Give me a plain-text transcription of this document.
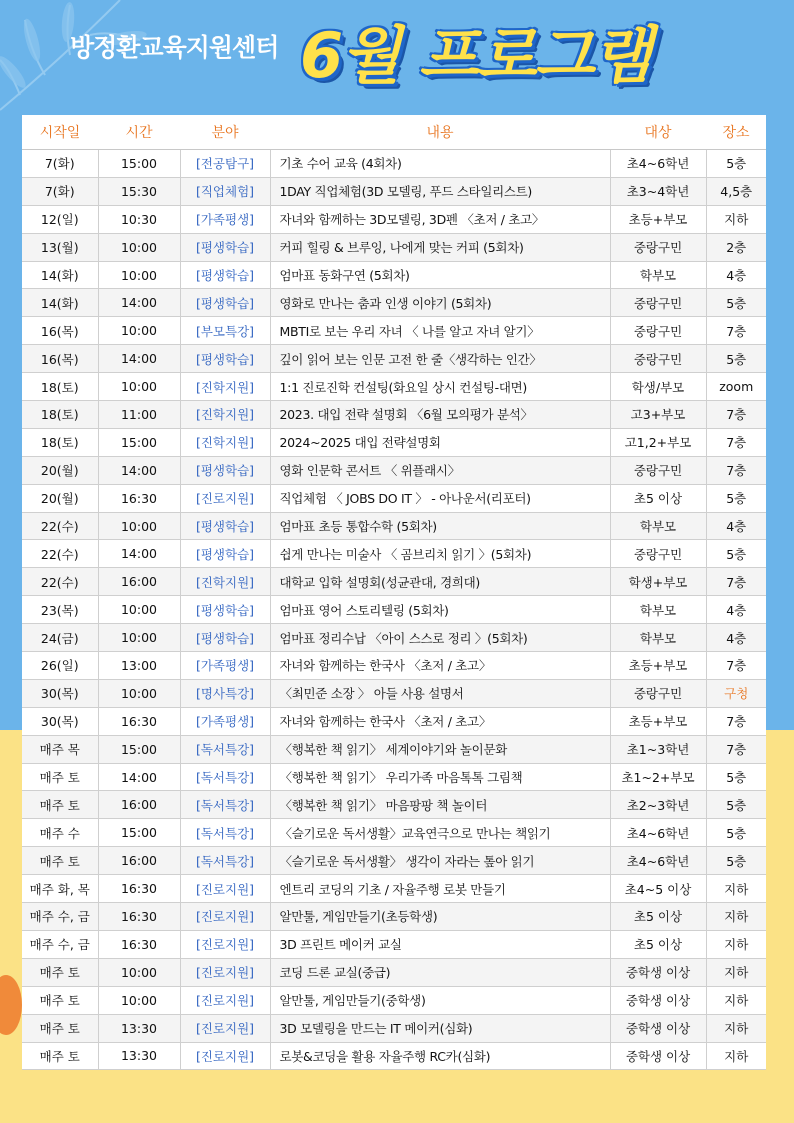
방정환교육지원센터 6월 프로그램
시작일	시간	분야	내용	대상	장소
7(화)	15:00	[전공탐구]	기초 수어 교육 (4회차)	초4~6학년	5층
7(화)	15:30	[직업체험]	1DAY 직업체험(3D 모델링, 푸드 스타일리스트)	초3~4학년	4,5층
12(일)	10:30	[가족평생]	자녀와 함께하는 3D모델링, 3D펜 〈초저 / 초고〉	초등+부모	지하
13(월)	10:00	[평생학습]	커피 힐링 & 브루잉, 나에게 맞는 커피 (5회차)	중랑구민	2층
14(화)	10:00	[평생학습]	엄마표 동화구연 (5회차)	학부모	4층
14(화)	14:00	[평생학습]	영화로 만나는 춤과 인생 이야기 (5회차)	중랑구민	5층
16(목)	10:00	[부모특강]	MBTI로 보는 우리 자녀 〈 나를 알고 자녀 알기〉	중랑구민	7층
16(목)	14:00	[평생학습]	깊이 읽어 보는 인문 고전 한 줄〈생각하는 인간〉	중랑구민	5층
18(토)	10:00	[진학지원]	1:1 진로진학 컨설팅(화요일 상시 컨설팅-대면)	학생/부모	zoom
18(토)	11:00	[진학지원]	2023. 대입 전략 설명회 〈6월 모의평가 분석〉	고3+부모	7층
18(토)	15:00	[진학지원]	2024~2025 대입 전략설명회	고1,2+부모	7층
20(월)	14:00	[평생학습]	영화 인문학 콘서트 〈 위플래시〉	중랑구민	7층
20(월)	16:30	[진로지원]	직업체험 〈 JOBS DO IT 〉 - 아나운서(리포터)	초5 이상	5층
22(수)	10:00	[평생학습]	엄마표 초등 통합수학 (5회차)	학부모	4층
22(수)	14:00	[평생학습]	쉽게 만나는 미술사 〈 곰브리치 읽기 〉(5회차)	중랑구민	5층
22(수)	16:00	[진학지원]	대학교 입학 설명회(성균관대, 경희대)	학생+부모	7층
23(목)	10:00	[평생학습]	엄마표 영어 스토리텔링 (5회차)	학부모	4층
24(금)	10:00	[평생학습]	엄마표 정리수납 〈아이 스스로 정리 〉(5회차)	학부모	4층
26(일)	13:00	[가족평생]	자녀와 함께하는 한국사 〈초저 / 초고〉	초등+부모	7층
30(목)	10:00	[명사특강]	〈최민준 소장 〉 아들 사용 설명서	중랑구민	구청
30(목)	16:30	[가족평생]	자녀와 함께하는 한국사 〈초저 / 초고〉	초등+부모	7층
매주 목	15:00	[독서특강]	〈행복한 책 읽기〉 세계이야기와 놀이문화	초1~3학년	7층
매주 토	14:00	[독서특강]	〈행복한 책 읽기〉 우리가족 마음톡톡 그림책	초1~2+부모	5층
매주 토	16:00	[독서특강]	〈행복한 책 읽기〉 마음팡팡 책 놀이터	초2~3학년	5층
매주 수	15:00	[독서특강]	〈슬기로운 독서생활〉교육연극으로 만나는 책읽기	초4~6학년	5층
매주 토	16:00	[독서특강]	〈슬기로운 독서생활〉 생각이 자라는 톺아 읽기	초4~6학년	5층
매주 화, 목	16:30	[진로지원]	엔트리 코딩의 기초 / 자율주행 로봇 만들기	초4~5 이상	지하
매주 수, 금	16:30	[진로지원]	알만툴, 게임만들기(초등학생)	초5 이상	지하
매주 수, 금	16:30	[진로지원]	3D 프린트 메이커 교실	초5 이상	지하
매주 토	10:00	[진로지원]	코딩 드론 교실(중급)	중학생 이상	지하
매주 토	10:00	[진로지원]	알만툴, 게임만들기(중학생)	중학생 이상	지하
매주 토	13:30	[진로지원]	3D 모델링을 만드는 IT 메이커(심화)	중학생 이상	지하
매주 토	13:30	[진로지원]	로봇&코딩을 활용 자율주행 RC카(심화)	중학생 이상	지하
